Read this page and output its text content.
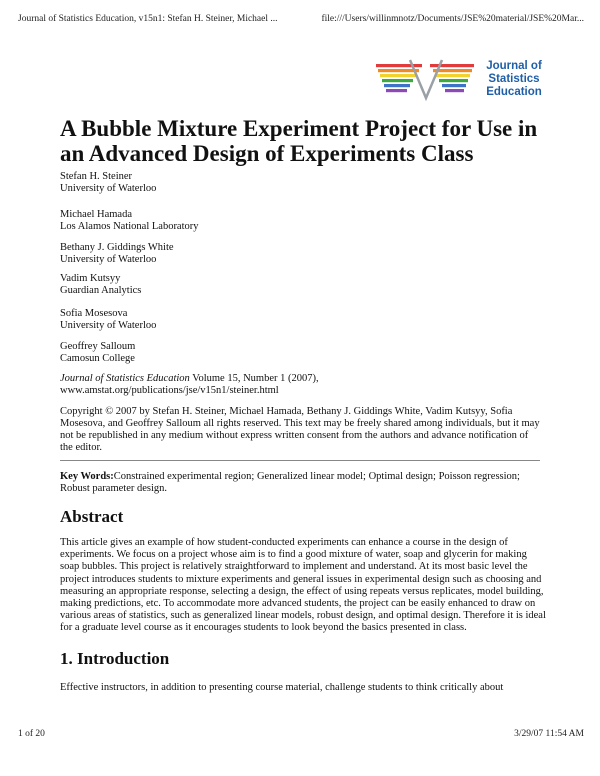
Journal of Statistics Education, v15n1: Stefan H. Steiner, Michael ...	file:///Users/willinmnotz/Documents/JSE%20material/JSE%20Mar...
Journal of
Statistics
Education
A Bubble Mixture Experiment Project for Use in an Advanced Design of Experiments Class
Stefan H. Steiner
University of Waterloo
Michael Hamada
Los Alamos National Laboratory
Bethany J. Giddings White
University of Waterloo
Vadim Kutsyy
Guardian Analytics
Sofia Mosesova
University of Waterloo
Geoffrey Salloum
Camosun College
Journal of Statistics Education Volume 15, Number 1 (2007),
www.amstat.org/publications/jse/v15n1/steiner.html
Copyright © 2007 by Stefan H. Steiner, Michael Hamada, Bethany J. Giddings White, Vadim Kutsyy, Sofia Mosesova, and Geoffrey Salloum all rights reserved. This text may be freely shared among individuals, but it may not be republished in any medium without express written consent from the authors and advance notification of the editor.
Key Words:Constrained experimental region; Generalized linear model; Optimal design; Poisson regression; Robust parameter design.
Abstract
This article gives an example of how student-conducted experiments can enhance a course in the design of experiments. We focus on a project whose aim is to find a good mixture of water, soap and glycerin for making soap bubbles. This project is relatively straightforward to implement and understand. At its most basic level the project introduces students to mixture experiments and general issues in experimental design such as choosing and measuring an appropriate response, selecting a design, the effect of using repeats versus replicates, model building, making predictions, etc. To accommodate more advanced students, the project can be easily enhanced to draw on various areas of statistics, such as generalized linear models, robust design, and optimal design. Therefore it is ideal for a graduate level course as it encourages students to look beyond the basics presented in class.
1. Introduction
Effective instructors, in addition to presenting course material, challenge students to think critically about
1 of 20	3/29/07 11:54 AM
